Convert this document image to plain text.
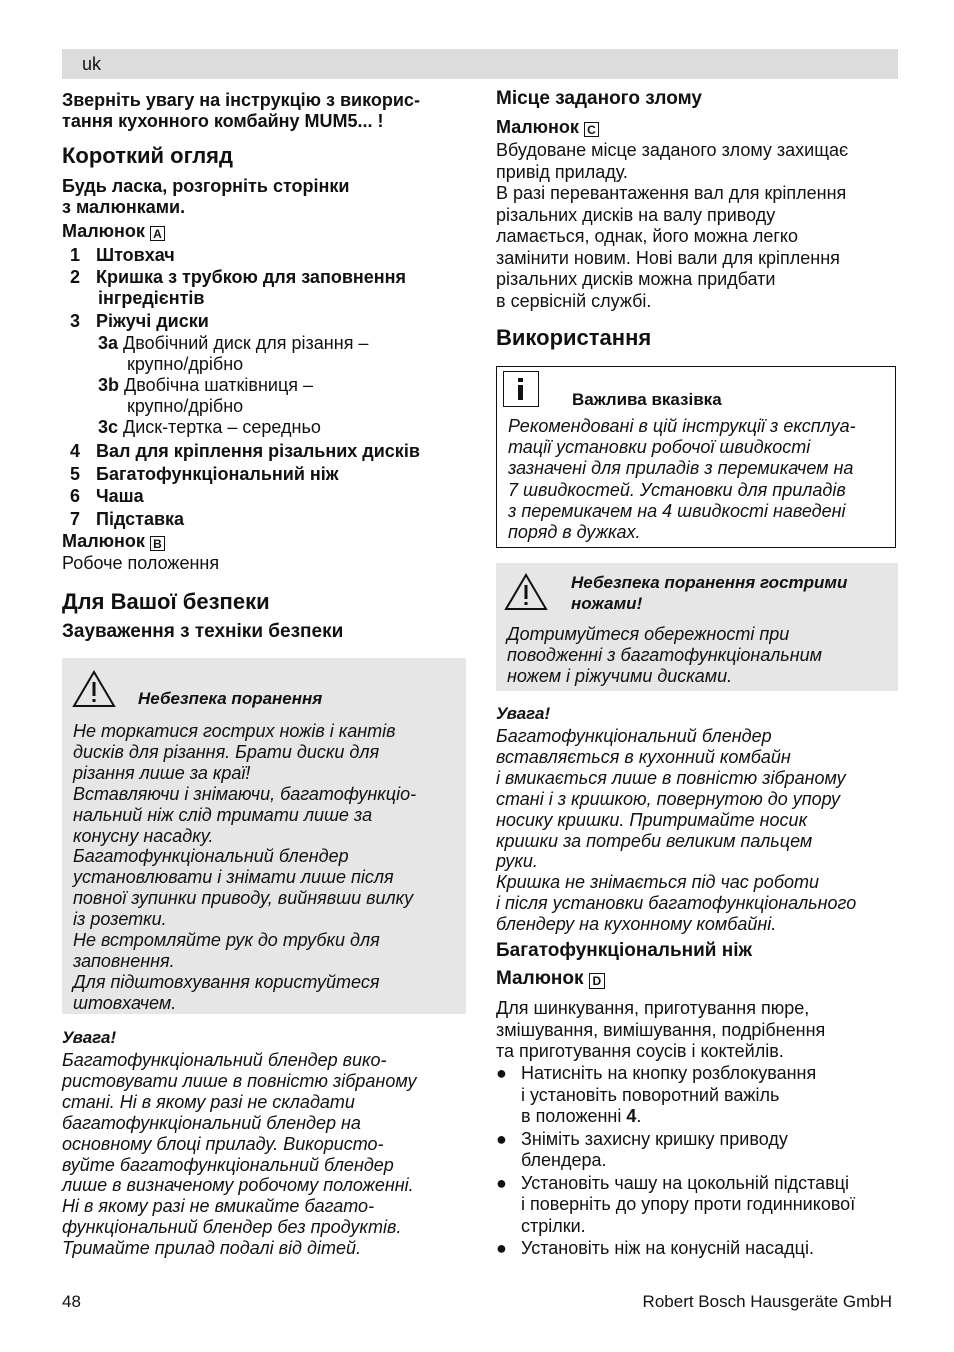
uk
Зверніть увагу на інструкцію з викорис-
тання кухонного комбайну MUM5... !
Короткий огляд
Будь ласка, розгорніть сторінки
з малюнками.
Малюнок A
1 Штовхач
2 Кришка з трубкою для заповнення
інгредієнтів
3 Ріжучі диски
3a Двобічний диск для різання –
крупно/дрібно
3b Двобічна шатківниця –
крупно/дрібно
3c Диск-тертка – середньо
4 Вал для кріплення різальних дисків
5 Багатофункціональний ніж
6 Чаша
7 Підставка
Малюнок B
Робоче положення
Для Вашої безпеки
Зауваження з техніки безпеки
Небезпека поранення
Не торкатися гострих ножів і кантів
дисків для різання. Брати диски для
різання лише за краї!
Вставляючи і знімаючи, багатофункціо-
нальний ніж слід тримати лише за
конусну насадку.
Багатофункціональний блендер
установлювати і знімати лише після
повної зупинки приводу, вийнявши вилку
із розетки.
Не встромляйте рук до трубки для
заповнення.
Для підштовхування користуйтеся
штовхачем.
Увага!
Багатофункціональний блендер вико-
ристовувати лише в повністю зібраному
стані. Ні в якому разі не складати
багатофункціональний блендер на
основному блоці приладу. Використо-
вуйте багатофункціональний блендер
лише в визначеному робочому положенні.
Ні в якому разі не вмикайте багато-
функціональний блендер без продуктів.
Тримайте прилад подалі від дітей.
Місце заданого злому
Малюнок C
Вбудоване місце заданого злому захищає
привід приладу.
В разі перевантаження вал для кріплення
різальних дисків на валу приводу
ламається, однак, його можна легко
замінити новим. Нові вали для кріплення
різальних дисків можна придбати
в сервісній службі.
Використання
Важлива вказівка
Рекомендовані в цій інструкції з експлуа-
тації установки робочої швидкості
зазначені для приладів з перемикачем на
7 швидкостей. Установки для приладів
з перемикачем на 4 швидкості наведені
поряд в дужках.
Небезпека поранення гострими
ножами!
Дотримуйтеся обережності при
поводженні з багатофункціональним
ножем і ріжучими дисками.
Увага!
Багатофункціональний блендер
вставляється в кухонний комбайн
і вмикається лише в повністю зібраному
стані і з кришкою, повернутою до упору
носику кришки. Притримайте носик
кришки за потреби великим пальцем
руки.
Кришка не знімається під час роботи
і після установки багатофункціонального
блендеру на кухонному комбайні.
Багатофункціональний ніж
Малюнок D
Для шинкування, приготування пюре,
змішування, вимішування, подрібнення
та приготування соусів і коктейлів.
● Натисніть на кнопку розблокування
і установіть поворотний важіль
в положенні 4.
● Зніміть захисну кришку приводу
блендера.
● Установіть чашу на цокольній підставці
і поверніть до упору проти годинникової
стрілки.
● Установіть ніж на конусній насадці.
48	Robert Bosch Hausgeräte GmbH
